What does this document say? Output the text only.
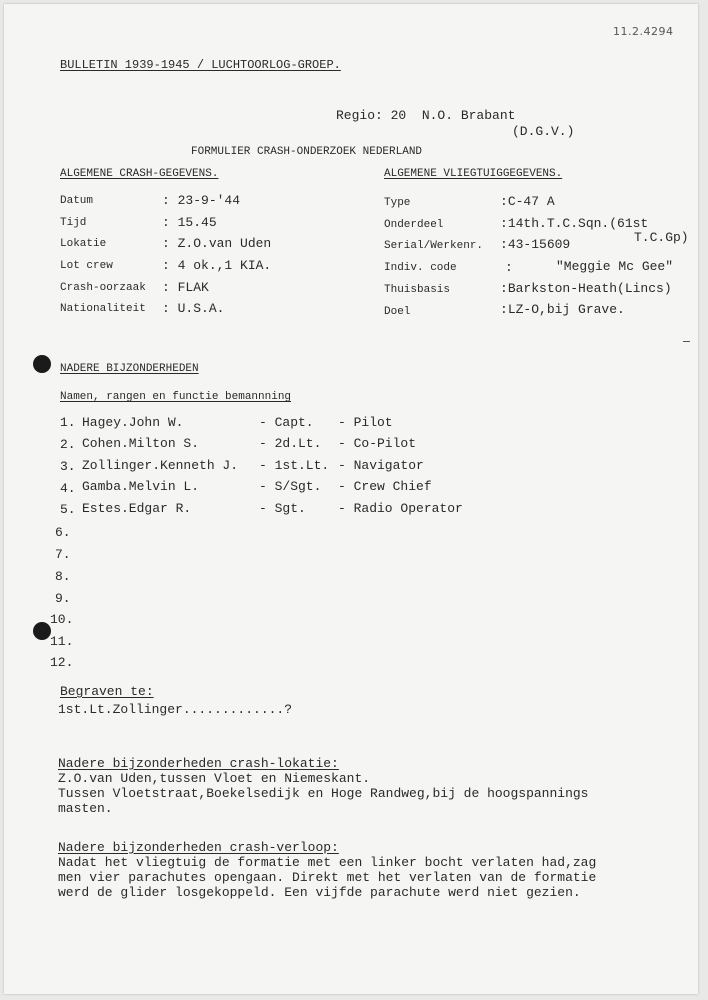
11.2.4294
BULLETIN 1939-1945 / LUCHTOORLOG-GROEP.
Regio: 20  N.O. Brabant
(D.G.V.)
FORMULIER CRASH-ONDERZOEK NEDERLAND
ALGEMENE CRASH-GEGEVENS.
Datum	: 23-9-'44
Tijd	: 15.45
Lokatie	: Z.O.van Uden
Lot crew	: 4 ok.,1 KIA.
Crash-oorzaak : FLAK
Nationaliteit : U.S.A.
ALGEMENE VLIEGTUIGGEGEVENS.
Type	:C-47 A
Onderdeel	:14th.T.C.Sqn.(61st
T.C.Gp)
Serial/Werkenr. :43-15609
Indiv. code	:	"Meggie Mc Gee"
Thuisbasis	:Barkston-Heath(Lincs)
Doel	:LZ-O,bij Grave.
NADERE BIJZONDERHEDEN
Namen, rangen en functie bemannning
1. Hagey.John W.	- Capt. - Pilot
2. Cohen.Milton S.	- 2d.Lt. - Co-Pilot
3. Zollinger.Kenneth J. - 1st.Lt. - Navigator
4. Gamba.Melvin L.	- S/Sgt. - Crew Chief
5. Estes.Edgar R.	- Sgt. - Radio Operator
6.
7.
8.
9.
10.
11.
12.
Begraven te:
1st.Lt.Zollinger.............?
Nadere bijzonderheden crash-lokatie:
Z.O.van Uden,tussen Vloet en Niemeskant.
Tussen Vloetstraat,Boekelsedijk en Hoge Randweg,bij de hoogspannings
masten.
Nadere bijzonderheden crash-verloop:
Nadat het vliegtuig de formatie met een linker bocht verlaten had,zag
men vier parachutes opengaan. Direkt met het verlaten van de formatie
werd de glider losgekoppeld. Een vijfde parachute werd niet gezien.
